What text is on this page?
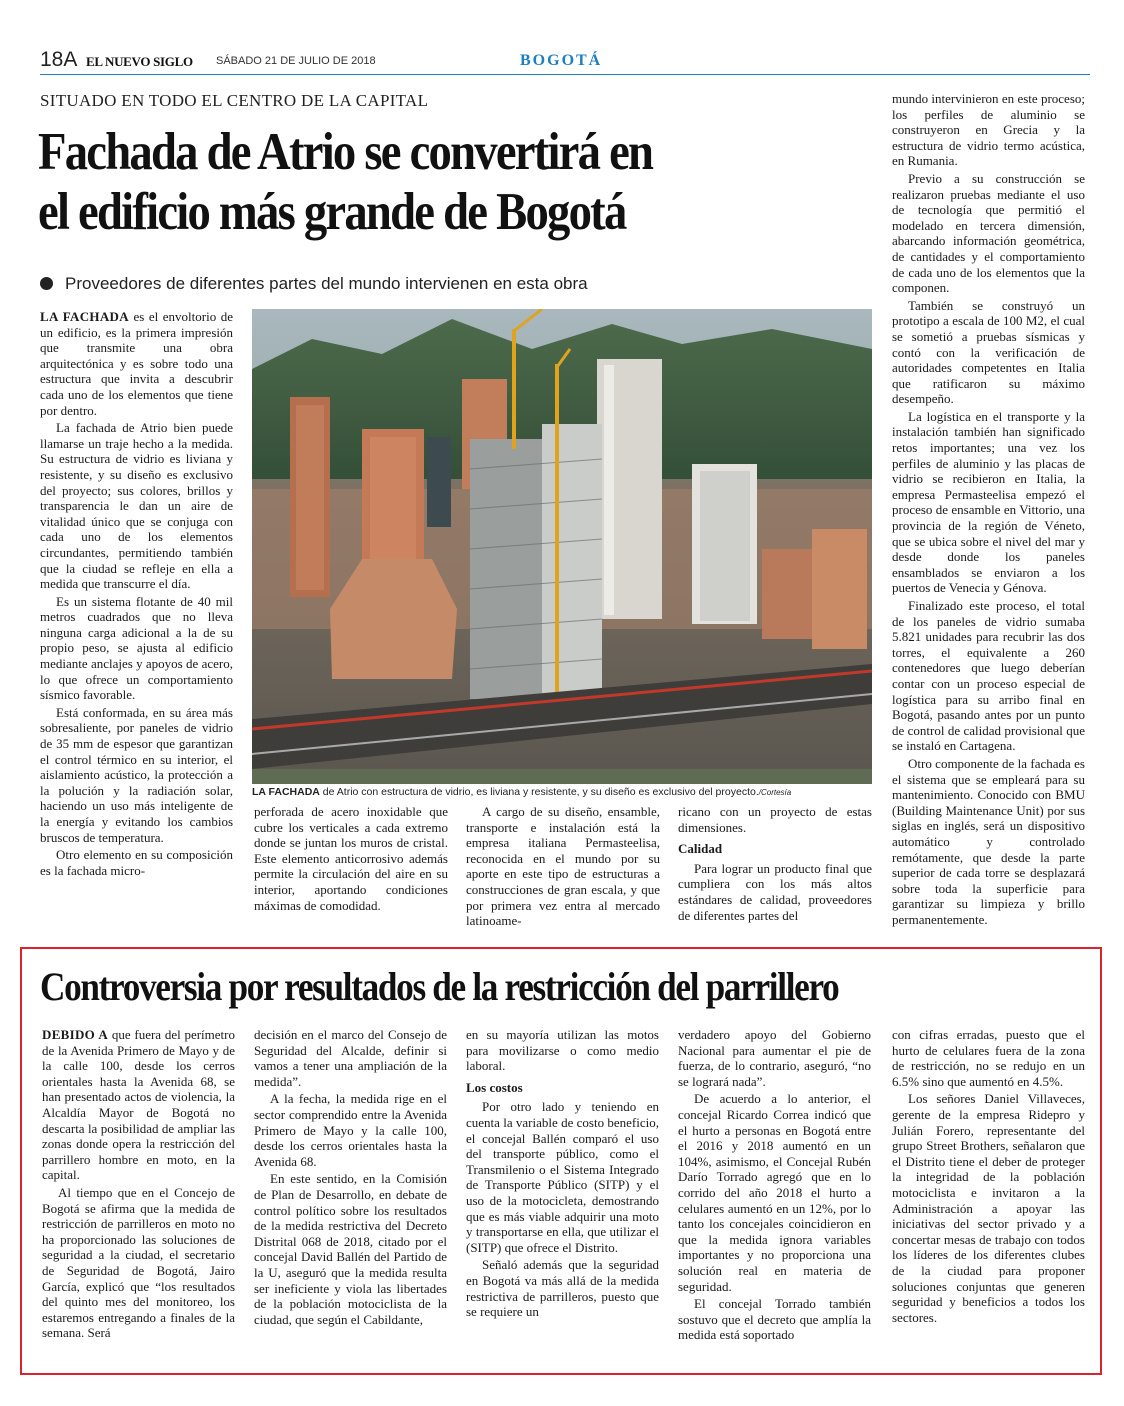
18A EL NUEVO SIGLO SÁBADO 21 DE JULIO DE 2018	BOGOTÁ
SITUADO EN TODO EL CENTRO DE LA CAPITAL
Fachada de Atrio se convertirá en
el edificio más grande de Bogotá
Proveedores de diferentes partes del mundo intervienen en esta obra

LA FACHADA es el envoltorio de un edificio, es la primera impresión que transmite una obra arquitectónica y es sobre todo una estructura que invita a descubrir cada uno de los elementos que tiene por dentro.

La fachada de Atrio bien puede llamarse un traje hecho a la medida. Su estructura de vidrio es liviana y resistente, y su diseño es exclusivo del proyecto; sus colores, brillos y transparencia le dan un aire de vitalidad único que se conjuga con cada uno de los elementos circundantes, permitiendo también que la ciudad se refleje en ella a medida que transcurre el día.

Es un sistema flotante de 40 mil metros cuadrados que no lleva ninguna carga adicional a la de su propio peso, se ajusta al edificio mediante anclajes y apoyos de acero, lo que ofrece un comportamiento sísmico favorable.

Está conformada, en su área más sobresaliente, por paneles de vidrio de 35 mm de espesor que garantizan el control térmico en su interior, el aislamiento acústico, la protección a la polución y la radiación solar, haciendo un uso más inteligente de la energía y evitando los cambios bruscos de temperatura.

Otro elemento en su composición es la fachada micro-

LA FACHADA de Atrio con estructura de vidrio, es liviana y resistente, y su diseño es exclusivo del proyecto./Cortesía

perforada de acero inoxidable que cubre los verticales a cada extremo donde se juntan los muros de cristal. Este elemento anticorrosivo además permite la circulación del aire en su interior, aportando condiciones máximas de comodidad.

A cargo de su diseño, ensamble, transporte e instalación está la empresa italiana Permasteelisa, reconocida en el mundo por su aporte en este tipo de estructuras a construcciones de gran escala, y que por primera vez entra al mercado latinoame-

ricano con un proyecto de estas dimensiones.

Calidad

Para lograr un producto final que cumpliera con los más altos estándares de calidad, proveedores de diferentes partes del

mundo intervinieron en este proceso; los perfiles de aluminio se construyeron en Grecia y la estructura de vidrio termo acústica, en Rumania.

Previo a su construcción se realizaron pruebas mediante el uso de tecnología que permitió el modelado en tercera dimensión, abarcando información geométrica, de cantidades y el comportamiento de cada uno de los elementos que la componen.

También se construyó un prototipo a escala de 100 M2, el cual se sometió a pruebas sísmicas y contó con la verificación de autoridades competentes en Italia que ratificaron su máximo desempeño.

La logística en el transporte y la instalación también han significado retos importantes; una vez los perfiles de aluminio y las placas de vidrio se recibieron en Italia, la empresa Permasteelisa empezó el proceso de ensamble en Vittorio, una provincia de la región de Véneto, que se ubica sobre el nivel del mar y desde donde los paneles ensamblados se enviaron a los puertos de Venecia y Génova.

Finalizado este proceso, el total de los paneles de vidrio sumaba 5.821 unidades para recubrir las dos torres, el equivalente a 260 contenedores que luego deberían contar con un proceso especial de logística para su arribo final en Bogotá, pasando antes por un punto de control de calidad provisional que se instaló en Cartagena.

Otro componente de la fachada es el sistema que se empleará para su mantenimiento. Conocido con BMU (Building Maintenance Unit) por sus siglas en inglés, será un dispositivo automático y controlado remótamente, que desde la parte superior de cada torre se desplazará sobre toda la superficie para garantizar su limpieza y brillo permanentemente.

Controversia por resultados de la restricción del parrillero

DEBIDO A que fuera del perímetro de la Avenida Primero de Mayo y de la calle 100, desde los cerros orientales hasta la Avenida 68, se han presentado actos de violencia, la Alcaldía Mayor de Bogotá no descarta la posibilidad de ampliar las zonas donde opera la restricción del parrillero hombre en moto, en la capital.

Al tiempo que en el Concejo de Bogotá se afirma que la medida de restricción de parrilleros en moto no ha proporcionado las soluciones de seguridad a la ciudad, el secretario de Seguridad de Bogotá, Jairo García, explicó que “los resultados del quinto mes del monitoreo, los estaremos entregando a finales de la semana. Será

decisión en el marco del Consejo de Seguridad del Alcalde, definir si vamos a tener una ampliación de la medida”.

A la fecha, la medida rige en el sector comprendido entre la Avenida Primero de Mayo y la calle 100, desde los cerros orientales hasta la Avenida 68.

En este sentido, en la Comisión de Plan de Desarrollo, en debate de control político sobre los resultados de la medida restrictiva del Decreto Distrital 068 de 2018, citado por el concejal David Ballén del Partido de la U, aseguró que la medida resulta ser ineficiente y viola las libertades de la población motociclista de la ciudad, que según el Cabildante,

en su mayoría utilizan las motos para movilizarse o como medio laboral.

Los costos

Por otro lado y teniendo en cuenta la variable de costo beneficio, el concejal Ballén comparó el uso del transporte público, como el Transmilenio o el Sistema Integrado de Transporte Público (SITP) y el uso de la motocicleta, demostrando que es más viable adquirir una moto y transportarse en ella, que utilizar el (SITP) que ofrece el Distrito.

Señaló además que la seguridad en Bogotá va más allá de la medida restrictiva de parrilleros, puesto que se requiere un

verdadero apoyo del Gobierno Nacional para aumentar el pie de fuerza, de lo contrario, aseguró, “no se logrará nada”.

De acuerdo a lo anterior, el concejal Ricardo Correa indicó que el hurto a personas en Bogotá entre el 2016 y 2018 aumentó en un 104%, asimismo, el Concejal Rubén Darío Torrado agregó que en lo corrido del año 2018 el hurto a celulares aumentó en un 12%, por lo tanto los concejales coincidieron en que la medida ignora variables importantes y no proporciona una solución real en materia de seguridad.

El concejal Torrado también sostuvo que el decreto que amplía la medida está soportado

con cifras erradas, puesto que el hurto de celulares fuera de la zona de restricción, no se redujo en un 6.5% sino que aumentó en 4.5%.

Los señores Daniel Villaveces, gerente de la empresa Ridepro y Julián Forero, representante del grupo Street Brothers, señalaron que el Distrito tiene el deber de proteger la integridad de la población motociclista e invitaron a la Administración a apoyar las iniciativas del sector privado y a concertar mesas de trabajo con todos los líderes de los diferentes clubes de la ciudad para proponer soluciones conjuntas que generen seguridad y beneficios a todos los sectores.
